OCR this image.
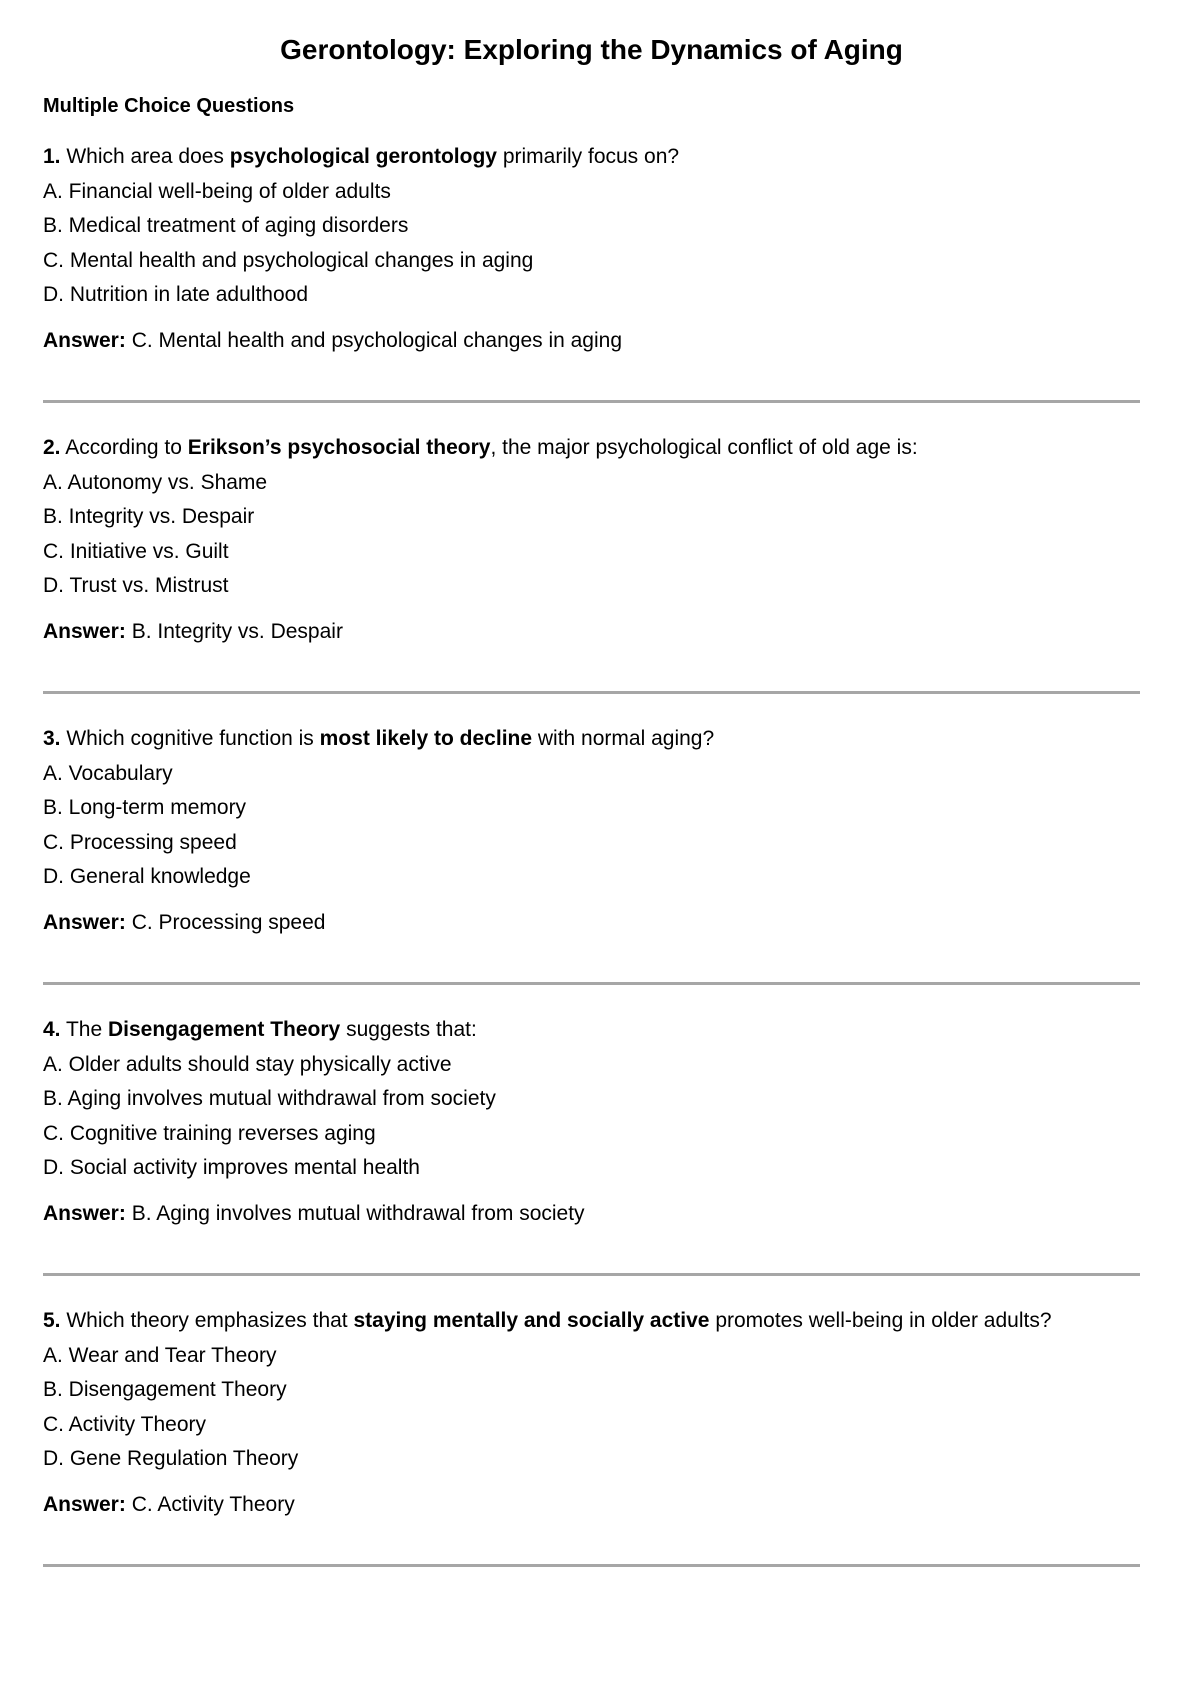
Gerontology: Exploring the Dynamics of Aging
Multiple Choice Questions
1. Which area does psychological gerontology primarily focus on?
A. Financial well-being of older adults
B. Medical treatment of aging disorders
C. Mental health and psychological changes in aging
D. Nutrition in late adulthood
Answer: C. Mental health and psychological changes in aging
2. According to Erikson’s psychosocial theory, the major psychological conflict of old age is:
A. Autonomy vs. Shame
B. Integrity vs. Despair
C. Initiative vs. Guilt
D. Trust vs. Mistrust
Answer: B. Integrity vs. Despair
3. Which cognitive function is most likely to decline with normal aging?
A. Vocabulary
B. Long-term memory
C. Processing speed
D. General knowledge
Answer: C. Processing speed
4. The Disengagement Theory suggests that:
A. Older adults should stay physically active
B. Aging involves mutual withdrawal from society
C. Cognitive training reverses aging
D. Social activity improves mental health
Answer: B. Aging involves mutual withdrawal from society
5. Which theory emphasizes that staying mentally and socially active promotes well-being in older adults?
A. Wear and Tear Theory
B. Disengagement Theory
C. Activity Theory
D. Gene Regulation Theory
Answer: C. Activity Theory
